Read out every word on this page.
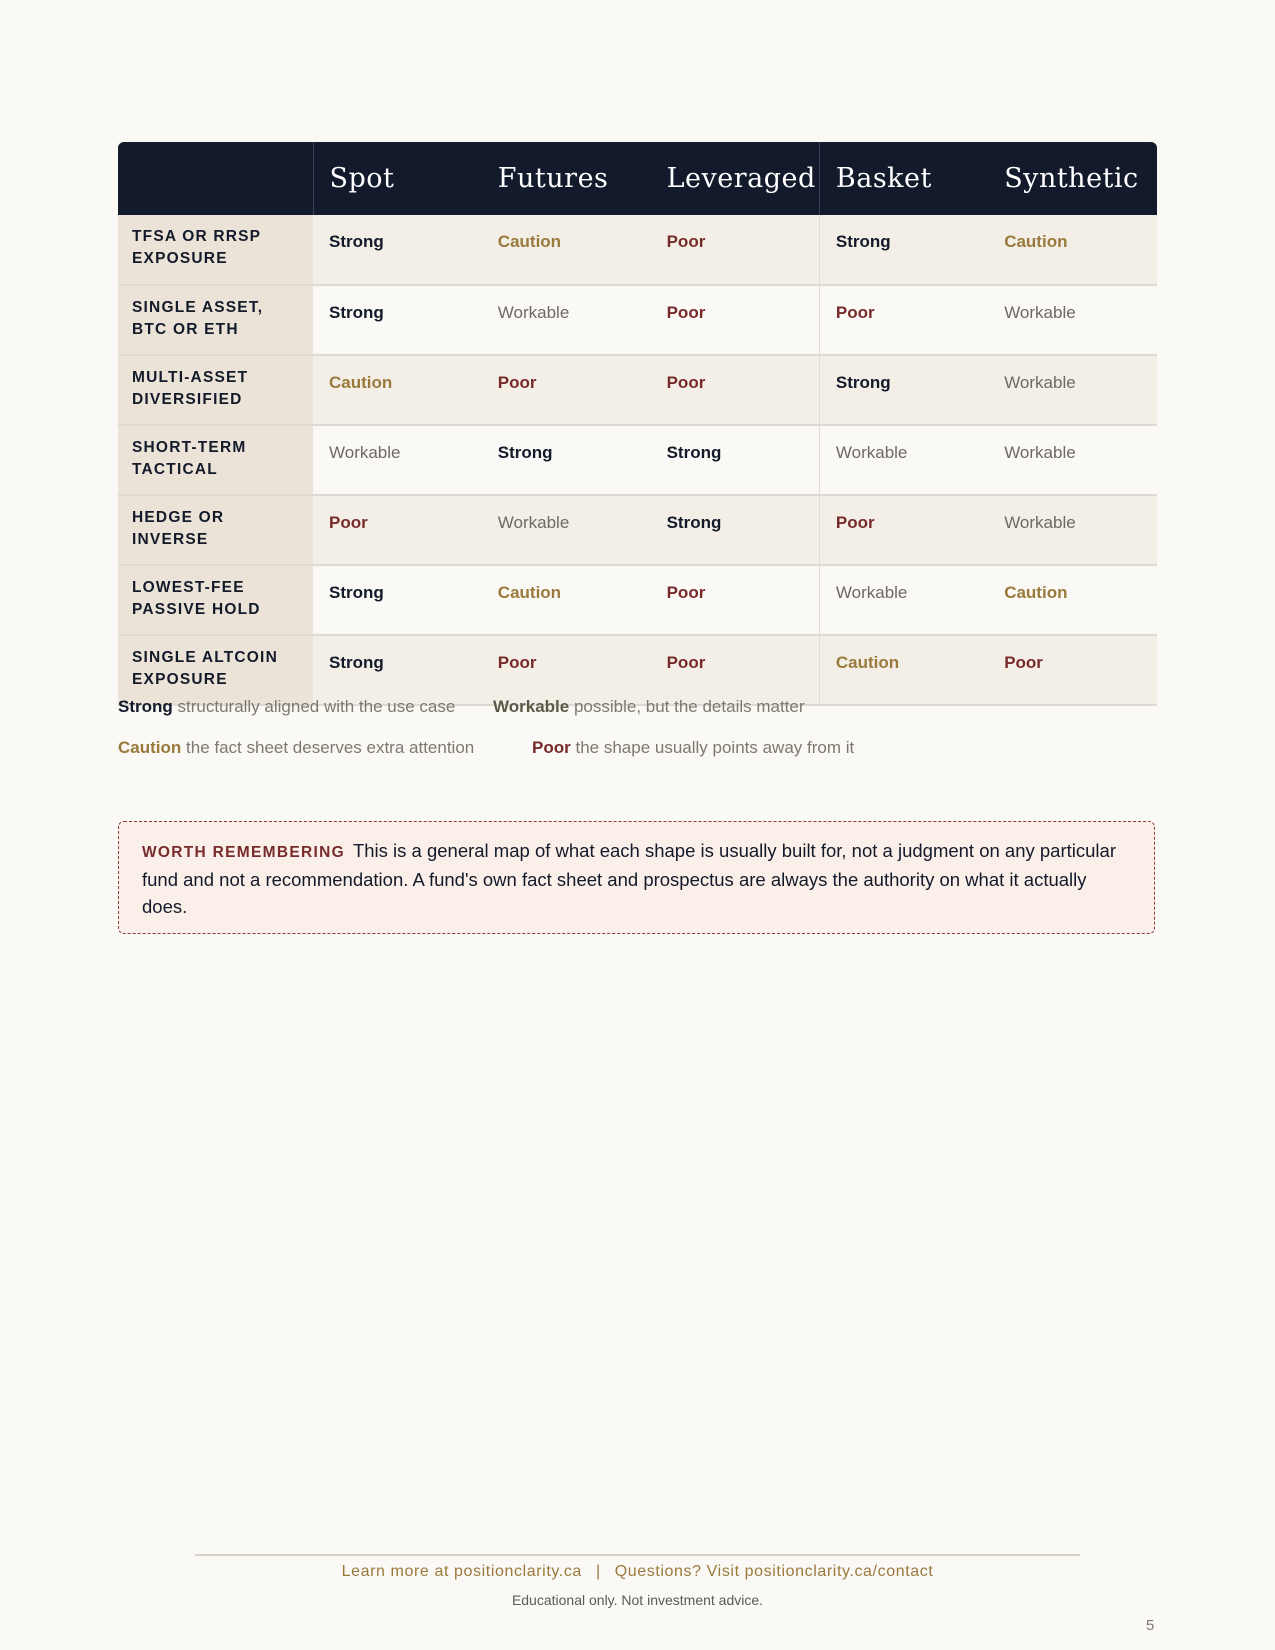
	Spot	Futures	Leveraged	Basket	Synthetic
TFSA OR RRSP EXPOSURE	Strong	Caution	Poor	Strong	Caution
SINGLE ASSET, BTC OR ETH	Strong	Workable	Poor	Poor	Workable
MULTI-ASSET DIVERSIFIED	Caution	Poor	Poor	Strong	Workable
SHORT-TERM TACTICAL	Workable	Strong	Strong	Workable	Workable
HEDGE OR INVERSE	Poor	Workable	Strong	Poor	Workable
LOWEST-FEE PASSIVE HOLD	Strong	Caution	Poor	Workable	Caution
SINGLE ALTCOIN EXPOSURE	Strong	Poor	Poor	Caution	Poor
Strong structurally aligned with the use case Workable possible, but the details matter
Caution the fact sheet deserves extra attention	Poor the shape usually points away from it
WORTH REMEMBERING This is a general map of what each shape is usually built for, not a judgment on any particular fund and not a recommendation. A fund's own fact sheet and prospectus are always the authority on what it actually does.
Learn more at positionclarity.ca | Questions? Visit positionclarity.ca/contact
Educational only. Not investment advice.
5
